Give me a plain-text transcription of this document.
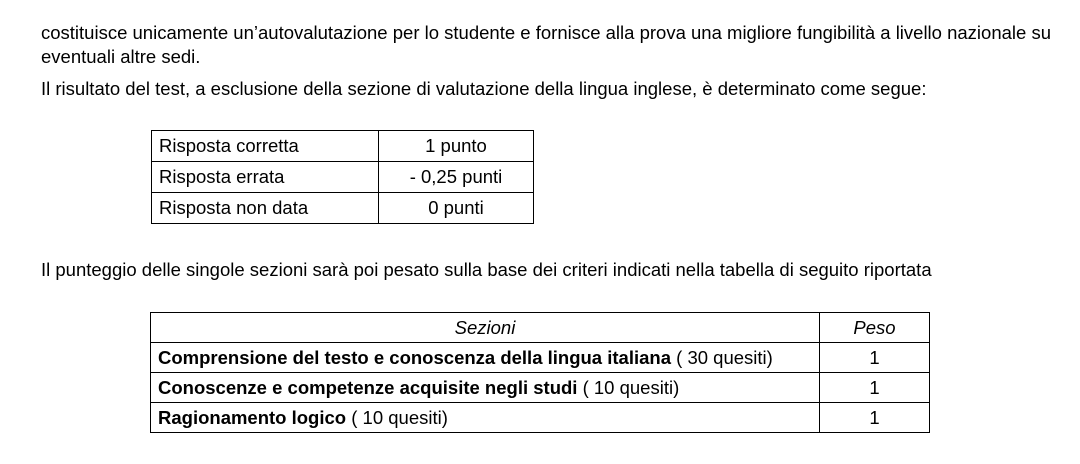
costituisce unicamente un’autovalutazione per lo studente e fornisce alla prova una migliore fungibilità a livello nazionale su eventuali altre sedi.

Il risultato del test, a esclusione della sezione di valutazione della lingua inglese, è determinato come segue:

Risposta corretta	1 punto
Risposta errata	- 0,25 punti
Risposta non data	0 punti

Il punteggio delle singole sezioni sarà poi pesato sulla base dei criteri indicati nella tabella di seguito riportata

Sezioni	Peso
Comprensione del testo e conoscenza della lingua italiana ( 30 quesiti)	1
Conoscenze e competenze acquisite negli studi ( 10 quesiti)	1
Ragionamento logico ( 10 quesiti)	1
